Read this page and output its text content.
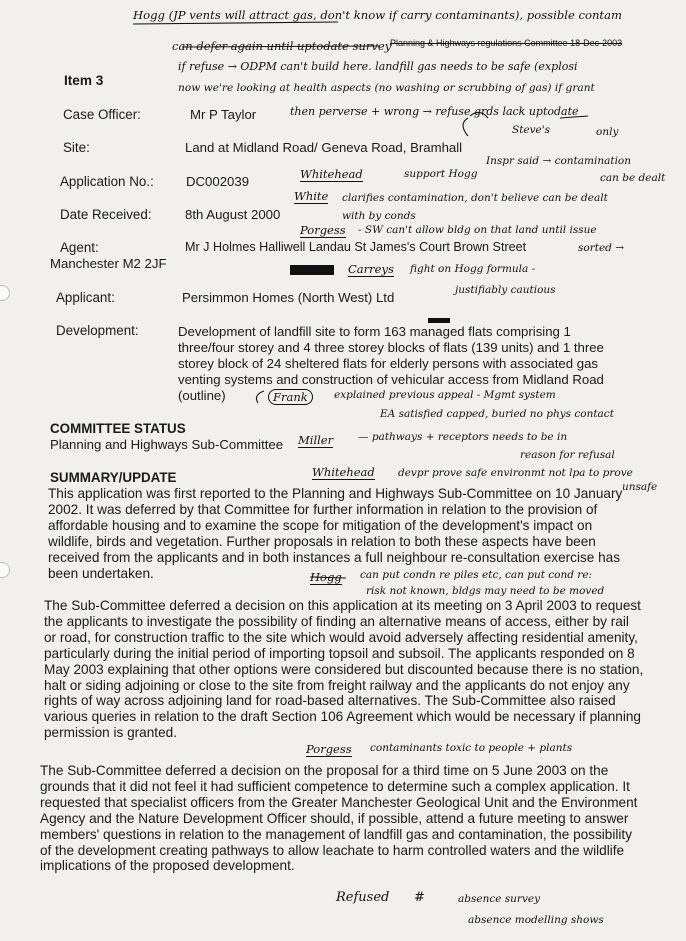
Planning & Highways regulations Committee 18-Dec-2003
Item 3
Case Officer:	Mr P Taylor
Site:	Land at Midland Road/ Geneva Road, Bramhall
Application No.: DC002039
Date Received:	8th August 2000
Agent:	Mr J Holmes Halliwell Landau St James's Court Brown Street
Manchester M2 2JF
Applicant:	Persimmon Homes (North West) Ltd
Development:	Development of landfill site to form 163 managed flats comprising 1
three/four storey and 4 three storey blocks of flats (139 units) and 1 three
storey block of 24 sheltered flats for elderly persons with associated gas
venting systems and construction of vehicular access from Midland Road
(outline)
COMMITTEE STATUS
Planning and Highways Sub-Committee
SUMMARY/UPDATE
This application was first reported to the Planning and Highways Sub-Committee on 10 January 2002. It was deferred by that Committee for further information in relation to the provision of affordable housing and to examine the scope for mitigation of the development's impact on wildlife, birds and vegetation. Further proposals in relation to both these aspects have been received from the applicants and in both instances a full neighbour re-consultation exercise has been undertaken.
The Sub-Committee deferred a decision on this application at its meeting on 3 April 2003 to request the applicants to investigate the possibility of finding an alternative means of access, either by rail or road, for construction traffic to the site which would avoid adversely affecting residential amenity, particularly during the initial period of importing topsoil and subsoil. The applicants responded on 8 May 2003 explaining that other options were considered but discounted because there is no station, halt or siding adjoining or close to the site from freight railway and the applicants do not enjoy any rights of way across adjoining land for road-based alternatives. The Sub-Committee also raised various queries in relation to the draft Section 106 Agreement which would be necessary if planning permission is granted.
The Sub-Committee deferred a decision on the proposal for a third time on 5 June 2003 on the grounds that it did not feel it had sufficient competence to determine such a complex application. It requested that specialist officers from the Greater Manchester Geological Unit and the Environment Agency and the Nature Development Officer should, if possible, attend a future meeting to answer members' questions in relation to the management of landfill gas and contamination, the possibility of the development creating pathways to allow leachate to harm controlled waters and the wildlife implications of the proposed development.
Hogg (JP vents will attract gas, don't know if carry contaminants), possible contam
can defer again until uptodate survey
if refuse → ODPM can't build here. landfill gas needs to be safe (explosi
now we're looking at health aspects (no washing or scrubbing of gas) if grant
then perverse + wrong → refuse grds lack uptodate
Steve's	only
Whitehead	support Hogg
Inspr said → contamination
can be dealt
White clarifies contamination, don't believe can be dealt
with by conds
Porgess - SW can't allow bldg on that land until issue
sorted →
Carreys fight on Hogg formula -
justifiably cautious
Frank	explained previous appeal - Mgmt system
EA satisfied capped, buried no phys contact
Miller — pathways + receptors needs to be in
reason for refusal
Whitehead devpr prove safe environmt not lpa to prove
unsafe
Hogg can put condn re piles etc, can put cond re:
risk not known, bldgs may need to be moved
Porgess contaminants toxic to people + plants
Refused #	absence survey
absence modelling shows
